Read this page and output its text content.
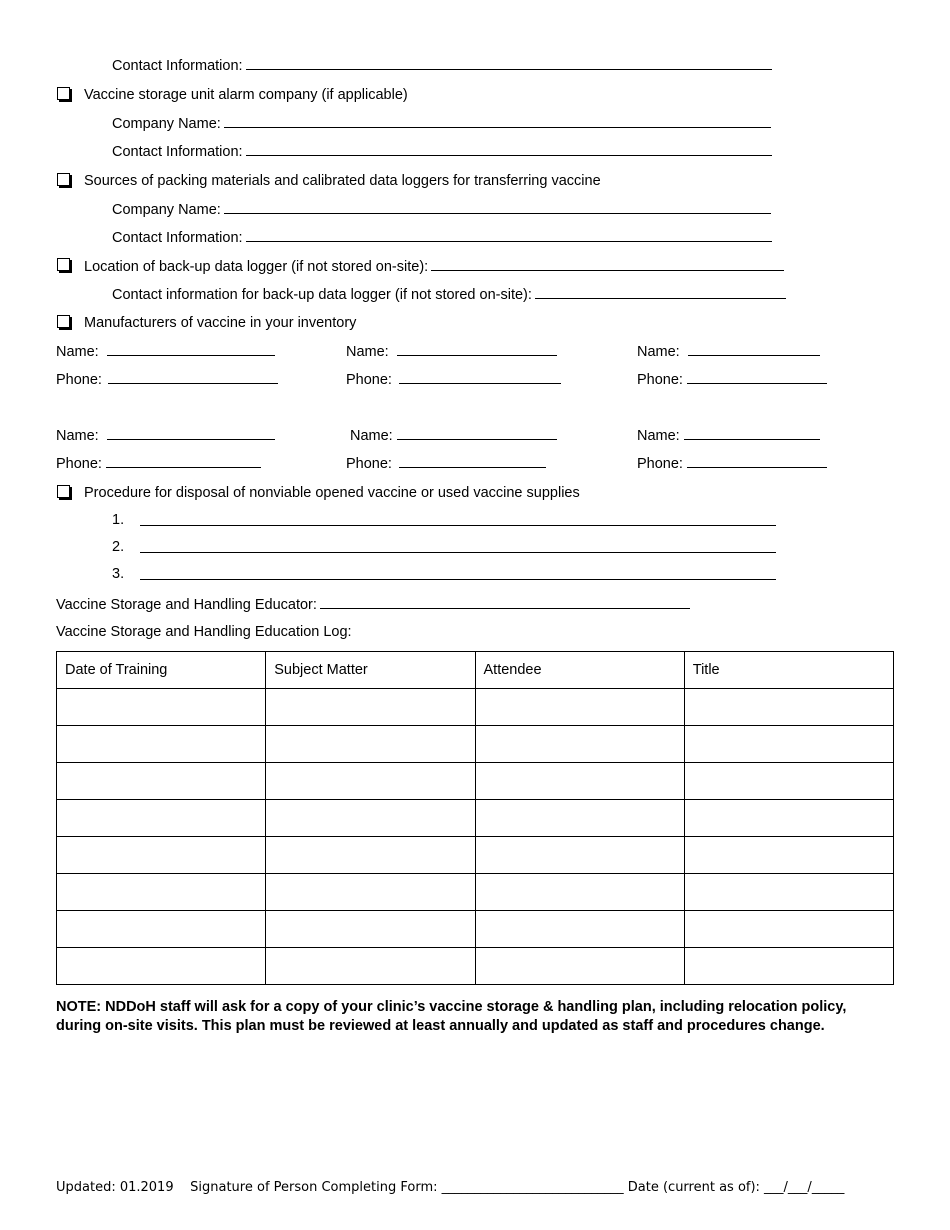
Contact Information:
Vaccine storage unit alarm company (if applicable)
Company Name:
Contact Information:
Sources of packing materials and calibrated data loggers for transferring vaccine
Company Name:
Contact Information:
Location of back-up data logger (if not stored on-site):
Contact information for back-up data logger (if not stored on-site):
Manufacturers of vaccine in your inventory
Name:	Name:	Name:
Phone:	Phone:	Phone:
Name:	Name:	Name:
Phone:	Phone:	Phone:
Procedure for disposal of nonviable opened vaccine or used vaccine supplies
1.
2.
3.
Vaccine Storage and Handling Educator:
Vaccine Storage and Handling Education Log:
Date of Training	Subject Matter	Attendee	Title

NOTE: NDDoH staff will ask for a copy of your clinic’s vaccine storage & handling plan, including relocation policy, during on-site visits. This plan must be reviewed at least annually and updated as staff and procedures change.
Updated: 01.2019 Signature of Person Completing Form: ____________________________ Date (current as of): ___/___/_____
